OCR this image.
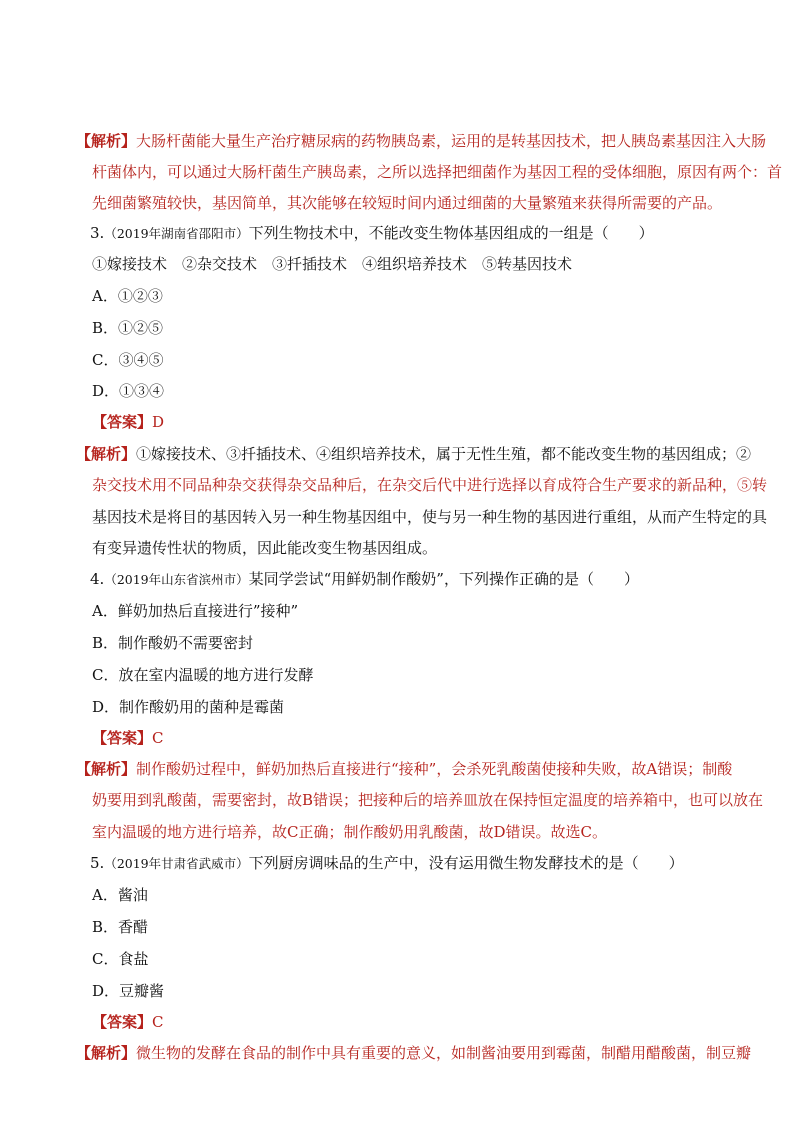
【解析】大肠杆菌能大量生产治疗糖尿病的药物胰岛素，运用的是转基因技术，把人胰岛素基因注入大肠
杆菌体内，可以通过大肠杆菌生产胰岛素，之所以选择把细菌作为基因工程的受体细胞，原因有两个：首
先细菌繁殖较快，基因简单，其次能够在较短时间内通过细菌的大量繁殖来获得所需要的产品。
3.（2019年湖南省邵阳市）下列生物技术中，不能改变生物体基因组成的一组是（　　）
①嫁接技术　②杂交技术　③扦插技术　④组织培养技术　⑤转基因技术
A．①②③
B．①②⑤
C．③④⑤
D．①③④
【答案】D
【解析】①嫁接技术、③扦插技术、④组织培养技术，属于无性生殖，都不能改变生物的基因组成；②
杂交技术用不同品种杂交获得杂交品种后，在杂交后代中进行选择以育成符合生产要求的新品种，⑤转
基因技术是将目的基因转入另一种生物基因组中，使与另一种生物的基因进行重组，从而产生特定的具
有变异遗传性状的物质，因此能改变生物基因组成。
4.（2019年山东省滨州市）某同学尝试“用鲜奶制作酸奶”，下列操作正确的是（　　）
A．鲜奶加热后直接进行”接种”
B．制作酸奶不需要密封
C．放在室内温暖的地方进行发酵
D．制作酸奶用的菌种是霉菌
【答案】C
【解析】制作酸奶过程中，鲜奶加热后直接进行“接种”，会杀死乳酸菌使接种失败，故A错误；制酸
奶要用到乳酸菌，需要密封，故B错误；把接种后的培养皿放在保持恒定温度的培养箱中，也可以放在
室内温暖的地方进行培养，故C正确；制作酸奶用乳酸菌，故D错误。故选C。
5.（2019年甘肃省武威市）下列厨房调味品的生产中，没有运用微生物发酵技术的是（　　）
A．酱油
B．香醋
C．食盐
D．豆瓣酱
【答案】C
【解析】微生物的发酵在食品的制作中具有重要的意义，如制酱油要用到霉菌，制醋用醋酸菌，制豆瓣
